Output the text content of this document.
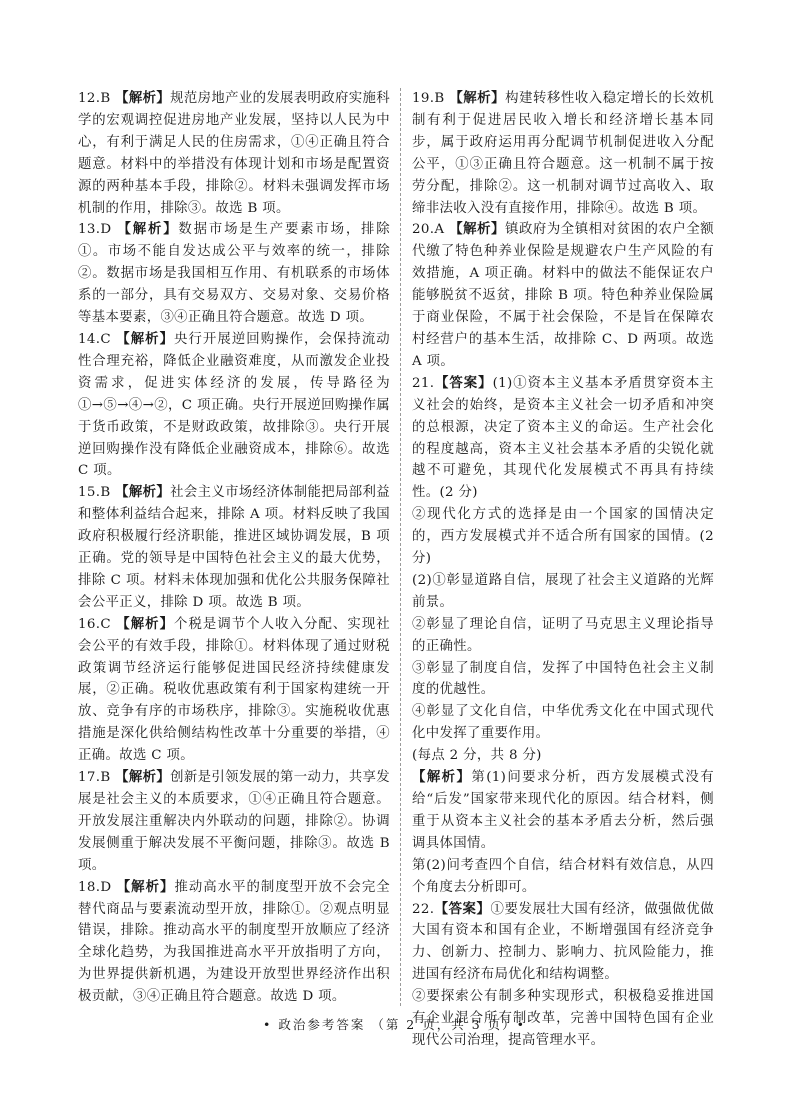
12.B 【解析】规范房地产业的发展表明政府实施科学的宏观调控促进房地产业发展，坚持以人民为中心，有利于满足人民的住房需求，①④正确且符合题意。材料中的举措没有体现计划和市场是配置资源的两种基本手段，排除②。材料未强调发挥市场机制的作用，排除③。故选 B 项。
13.D 【解析】数据市场是生产要素市场，排除①。市场不能自发达成公平与效率的统一，排除②。数据市场是我国相互作用、有机联系的市场体系的一部分，具有交易双方、交易对象、交易价格等基本要素，③④正确且符合题意。故选 D 项。
14.C 【解析】央行开展逆回购操作，会保持流动性合理充裕，降低企业融资难度，从而激发企业投资需求，促进实体经济的发展，传导路径为①→⑤→④→②，C 项正确。央行开展逆回购操作属于货币政策，不是财政政策，故排除③。央行开展逆回购操作没有降低企业融资成本，排除⑥。故选 C 项。
15.B 【解析】社会主义市场经济体制能把局部利益和整体利益结合起来，排除 A 项。材料反映了我国政府积极履行经济职能，推进区域协调发展，B 项正确。党的领导是中国特色社会主义的最大优势，排除 C 项。材料未体现加强和优化公共服务保障社会公平正义，排除 D 项。故选 B 项。
16.C 【解析】个税是调节个人收入分配、实现社会公平的有效手段，排除①。材料体现了通过财税政策调节经济运行能够促进国民经济持续健康发展，②正确。税收优惠政策有利于国家构建统一开放、竞争有序的市场秩序，排除③。实施税收优惠措施是深化供给侧结构性改革十分重要的举措，④正确。故选 C 项。
17.B 【解析】创新是引领发展的第一动力，共享发展是社会主义的本质要求，①④正确且符合题意。开放发展注重解决内外联动的问题，排除②。协调发展侧重于解决发展不平衡问题，排除③。故选 B 项。
18.D 【解析】推动高水平的制度型开放不会完全替代商品与要素流动型开放，排除①。②观点明显错误，排除。推动高水平的制度型开放顺应了经济全球化趋势，为我国推进高水平开放指明了方向，为世界提供新机遇，为建设开放型世界经济作出积极贡献，③④正确且符合题意。故选 D 项。
19.B 【解析】构建转移性收入稳定增长的长效机制有利于促进居民收入增长和经济增长基本同步，属于政府运用再分配调节机制促进收入分配公平，①③正确且符合题意。这一机制不属于按劳分配，排除②。这一机制对调节过高收入、取缔非法收入没有直接作用，排除④。故选 B 项。
20.A 【解析】镇政府为全镇相对贫困的农户全额代缴了特色种养业保险是规避农户生产风险的有效措施，A 项正确。材料中的做法不能保证农户能够脱贫不返贫，排除 B 项。特色种养业保险属于商业保险，不属于社会保险，不是旨在保障农村经营户的基本生活，故排除 C、D 两项。故选 A 项。

21.【答案】(1)①资本主义基本矛盾贯穿资本主义社会的始终，是资本主义社会一切矛盾和冲突的总根源，决定了资本主义的命运。生产社会化的程度越高，资本主义社会基本矛盾的尖锐化就越不可避免，其现代化发展模式不再具有持续性。(2 分)

②现代化方式的选择是由一个国家的国情决定的，西方发展模式并不适合所有国家的国情。(2 分)

(2)①彰显道路自信，展现了社会主义道路的光辉前景。

②彰显了理论自信，证明了马克思主义理论指导的正确性。

③彰显了制度自信，发挥了中国特色社会主义制度的优越性。

④彰显了文化自信，中华优秀文化在中国式现代化中发挥了重要作用。

(每点 2 分，共 8 分)

【解析】第(1)问要求分析，西方发展模式没有给“后发”国家带来现代化的原因。结合材料，侧重于从资本主义社会的基本矛盾去分析，然后强调具体国情。

第(2)问考查四个自信，结合材料有效信息，从四个角度去分析即可。

22.【答案】①要发展壮大国有经济，做强做优做大国有资本和国有企业，不断增强国有经济竞争力、创新力、控制力、影响力、抗风险能力，推进国有经济布局优化和结构调整。

②要探索公有制多种实现形式，积极稳妥推进国有企业混合所有制改革，完善中国特色国有企业现代公司治理，提高管理水平。

• 政治参考答案 （第 2 页，共 3 页）•
